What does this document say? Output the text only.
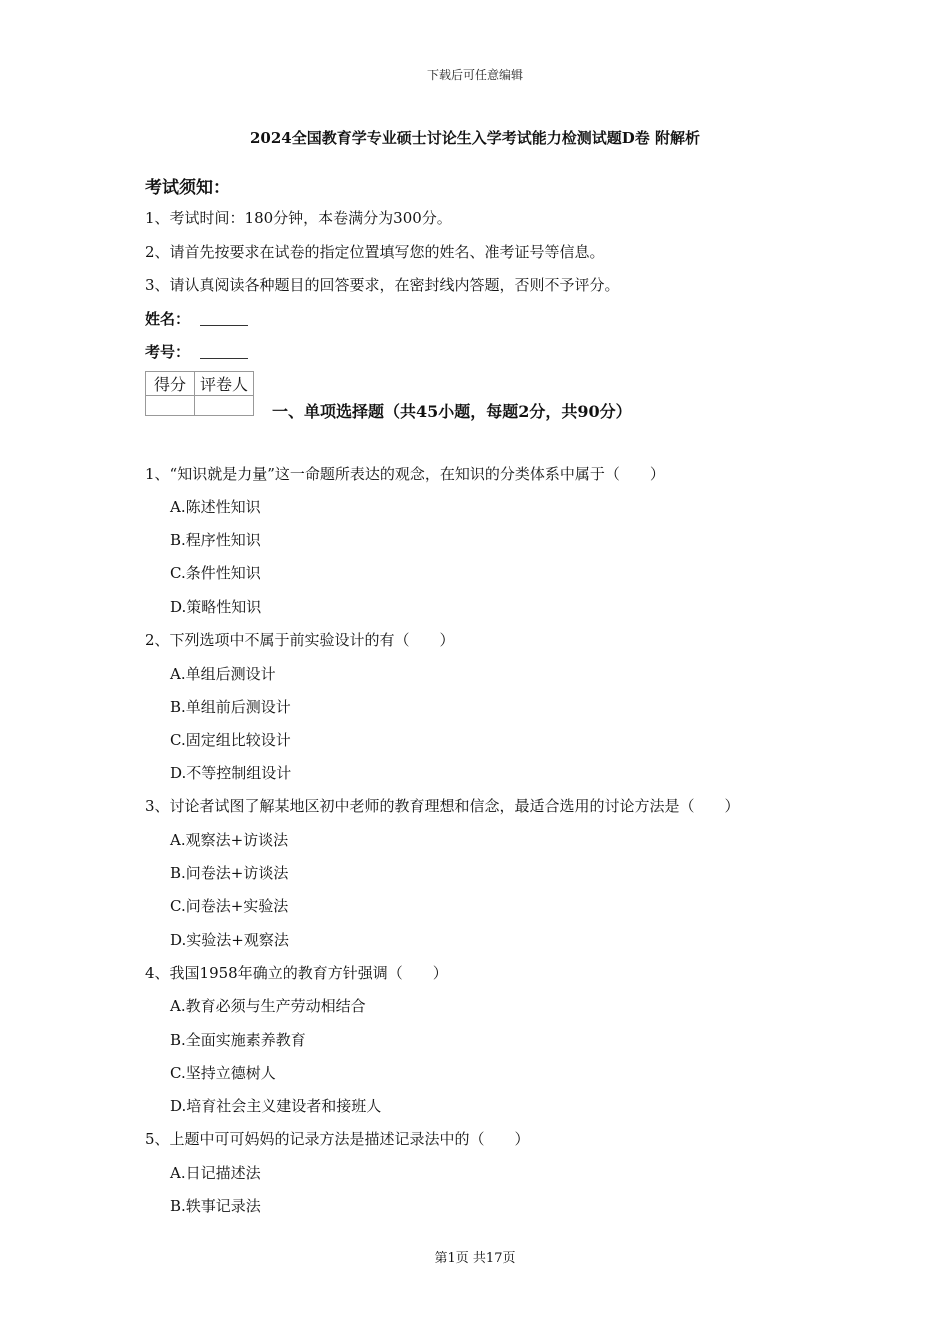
下载后可任意编辑
2024全国教育学专业硕士讨论生入学考试能力检测试题D卷 附解析
考试须知：
1、考试时间：180分钟，本卷满分为300分。
2、请首先按要求在试卷的指定位置填写您的姓名、准考证号等信息。
3、请认真阅读各种题目的回答要求，在密封线内答题，否则不予评分。
姓名：
考号：
得分	评卷人

一、单项选择题（共45小题，每题2分，共90分）
1、“知识就是力量”这一命题所表达的观念，在知识的分类体系中属于（　　）
A.陈述性知识
B.程序性知识
C.条件性知识
D.策略性知识
2、下列选项中不属于前实验设计的有（　　）
A.单组后测设计
B.单组前后测设计
C.固定组比较设计
D.不等控制组设计
3、讨论者试图了解某地区初中老师的教育理想和信念，最适合选用的讨论方法是（　　）
A.观察法+访谈法
B.问卷法+访谈法
C.问卷法+实验法
D.实验法+观察法
4、我国1958年确立的教育方针强调（　　）
A.教育必须与生产劳动相结合
B.全面实施素养教育
C.坚持立德树人
D.培育社会主义建设者和接班人
5、上题中可可妈妈的记录方法是描述记录法中的（　　）
A.日记描述法
B.轶事记录法
第1页 共17页
